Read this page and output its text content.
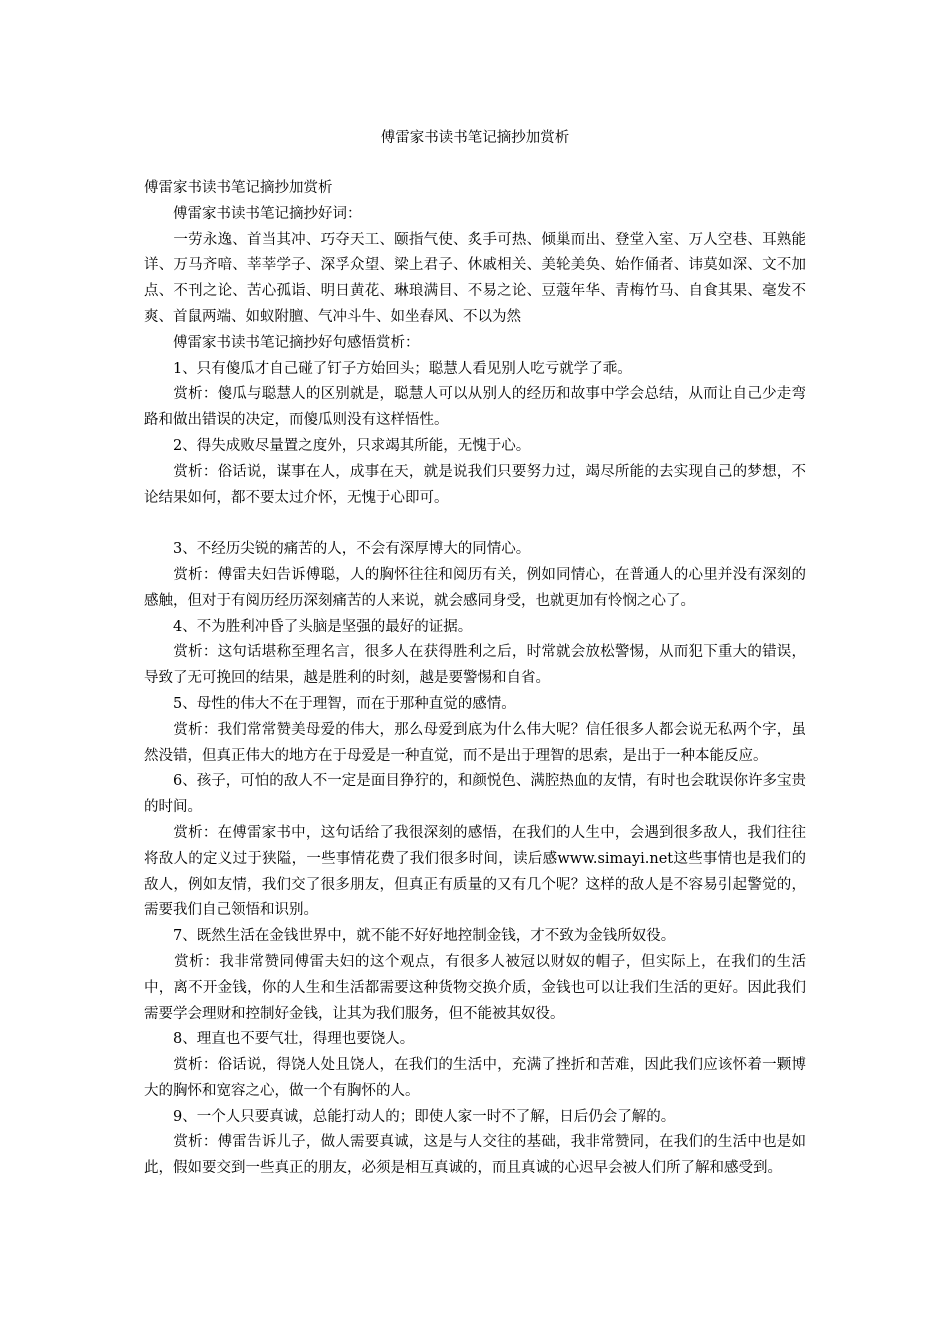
傅雷家书读书笔记摘抄加赏析

傅雷家书读书笔记摘抄加赏析

　　傅雷家书读书笔记摘抄好词：

　　一劳永逸、首当其冲、巧夺天工、颐指气使、炙手可热、倾巢而出、登堂入室、万人空巷、耳熟能详、万马齐喑、莘莘学子、深孚众望、梁上君子、休戚相关、美轮美奂、始作俑者、讳莫如深、文不加点、不刊之论、苦心孤诣、明日黄花、琳琅满目、不易之论、豆蔻年华、青梅竹马、自食其果、毫发不爽、首鼠两端、如蚁附膻、气冲斗牛、如坐春风、不以为然

　　傅雷家书读书笔记摘抄好句感悟赏析：

　　1、只有傻瓜才自己碰了钉子方始回头；聪慧人看见别人吃亏就学了乖。

　　赏析：傻瓜与聪慧人的区别就是，聪慧人可以从别人的经历和故事中学会总结，从而让自己少走弯路和做出错误的决定，而傻瓜则没有这样悟性。

　　2、得失成败尽量置之度外，只求竭其所能，无愧于心。

　　赏析：俗话说，谋事在人，成事在天，就是说我们只要努力过，竭尽所能的去实现自己的梦想，不论结果如何，都不要太过介怀，无愧于心即可。

　　3、不经历尖锐的痛苦的人，不会有深厚博大的同情心。

　　赏析：傅雷夫妇告诉傅聪，人的胸怀往往和阅历有关，例如同情心，在普通人的心里并没有深刻的感触，但对于有阅历经历深刻痛苦的人来说，就会感同身受，也就更加有怜悯之心了。

　　4、不为胜利冲昏了头脑是坚强的最好的证据。

　　赏析：这句话堪称至理名言，很多人在获得胜利之后，时常就会放松警惕，从而犯下重大的错误，导致了无可挽回的结果，越是胜利的时刻，越是要警惕和自省。

　　5、母性的伟大不在于理智，而在于那种直觉的感情。

　　赏析：我们常常赞美母爱的伟大，那么母爱到底为什么伟大呢？信任很多人都会说无私两个字，虽然没错，但真正伟大的地方在于母爱是一种直觉，而不是出于理智的思索，是出于一种本能反应。

　　6、孩子，可怕的敌人不一定是面目狰狞的，和颜悦色、满腔热血的友情，有时也会耽误你许多宝贵的时间。

　　赏析：在傅雷家书中，这句话给了我很深刻的感悟，在我们的人生中，会遇到很多敌人，我们往往将敌人的定义过于狭隘，一些事情花费了我们很多时间，读后感www.simayi.net这些事情也是我们的敌人，例如友情，我们交了很多朋友，但真正有质量的又有几个呢？这样的敌人是不容易引起警觉的，需要我们自己领悟和识别。

　　7、既然生活在金钱世界中，就不能不好好地控制金钱，才不致为金钱所奴役。

　　赏析：我非常赞同傅雷夫妇的这个观点，有很多人被冠以财奴的帽子，但实际上，在我们的生活中，离不开金钱，你的人生和生活都需要这种货物交换介质，金钱也可以让我们生活的更好。因此我们需要学会理财和控制好金钱，让其为我们服务，但不能被其奴役。

　　8、理直也不要气壮，得理也要饶人。

　　赏析：俗话说，得饶人处且饶人，在我们的生活中，充满了挫折和苦难，因此我们应该怀着一颗博大的胸怀和宽容之心，做一个有胸怀的人。

　　9、一个人只要真诚，总能打动人的；即使人家一时不了解，日后仍会了解的。

　　赏析：傅雷告诉儿子，做人需要真诚，这是与人交往的基础，我非常赞同，在我们的生活中也是如此，假如要交到一些真正的朋友，必须是相互真诚的，而且真诚的心迟早会被人们所了解和感受到。
